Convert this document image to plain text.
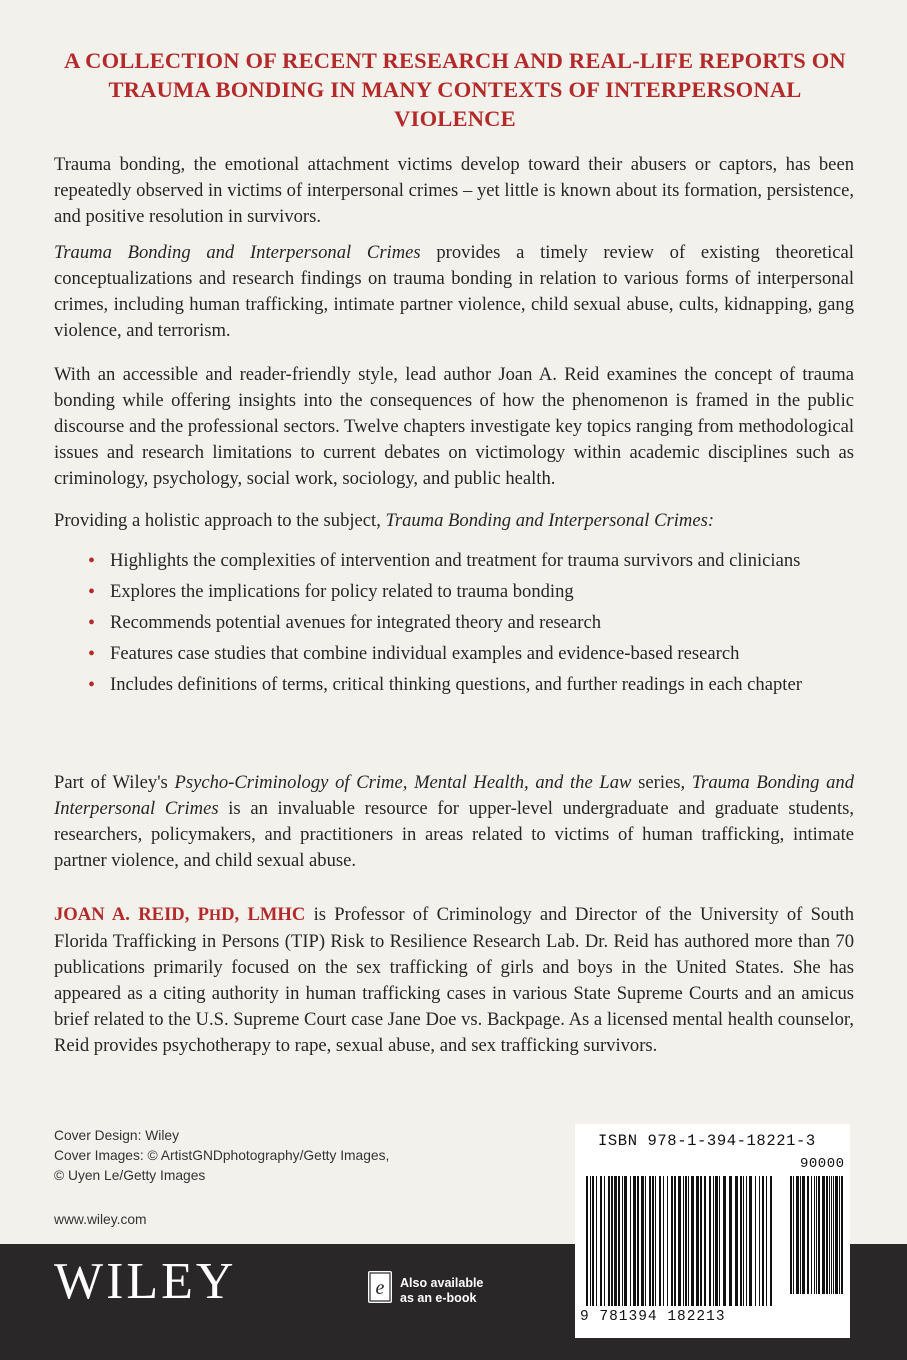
A COLLECTION OF RECENT RESEARCH AND REAL-LIFE REPORTS ON TRAUMA BONDING IN MANY CONTEXTS OF INTERPERSONAL VIOLENCE

Trauma bonding, the emotional attachment victims develop toward their abusers or captors, has been repeatedly observed in victims of interpersonal crimes – yet little is known about its formation, persistence, and positive resolution in survivors.

Trauma Bonding and Interpersonal Crimes provides a timely review of existing theoretical conceptualizations and research findings on trauma bonding in relation to various forms of interpersonal crimes, including human trafficking, intimate partner violence, child sexual abuse, cults, kidnapping, gang violence, and terrorism.

With an accessible and reader-friendly style, lead author Joan A. Reid examines the concept of trauma bonding while offering insights into the consequences of how the phenomenon is framed in the public discourse and the professional sectors. Twelve chapters investigate key topics ranging from methodological issues and research limitations to current debates on victimology within academic disciplines such as criminology, psychology, social work, sociology, and public health.

Providing a holistic approach to the subject, Trauma Bonding and Interpersonal Crimes:

• Highlights the complexities of intervention and treatment for trauma survivors and clinicians
• Explores the implications for policy related to trauma bonding
• Recommends potential avenues for integrated theory and research
• Features case studies that combine individual examples and evidence-based research
• Includes definitions of terms, critical thinking questions, and further readings in each chapter

Part of Wiley's Psycho-Criminology of Crime, Mental Health, and the Law series, Trauma Bonding and Interpersonal Crimes is an invaluable resource for upper-level undergraduate and graduate students, researchers, policymakers, and practitioners in areas related to victims of human trafficking, intimate partner violence, and child sexual abuse.

JOAN A. REID, PHD, LMHC is Professor of Criminology and Director of the University of South Florida Trafficking in Persons (TIP) Risk to Resilience Research Lab. Dr. Reid has authored more than 70 publications primarily focused on the sex trafficking of girls and boys in the United States. She has appeared as a citing authority in human trafficking cases in various State Supreme Courts and an amicus brief related to the U.S. Supreme Court case Jane Doe vs. Backpage. As a licensed mental health counselor, Reid provides psychotherapy to rape, sexual abuse, and sex trafficking survivors.

Cover Design: Wiley
Cover Images: © ArtistGNDphotography/Getty Images,
© Uyen Le/Getty Images
www.wiley.com
WILEY	e Also available
as an e-book
ISBN 978-1-394-18221-3
90000
9 781394 182213
